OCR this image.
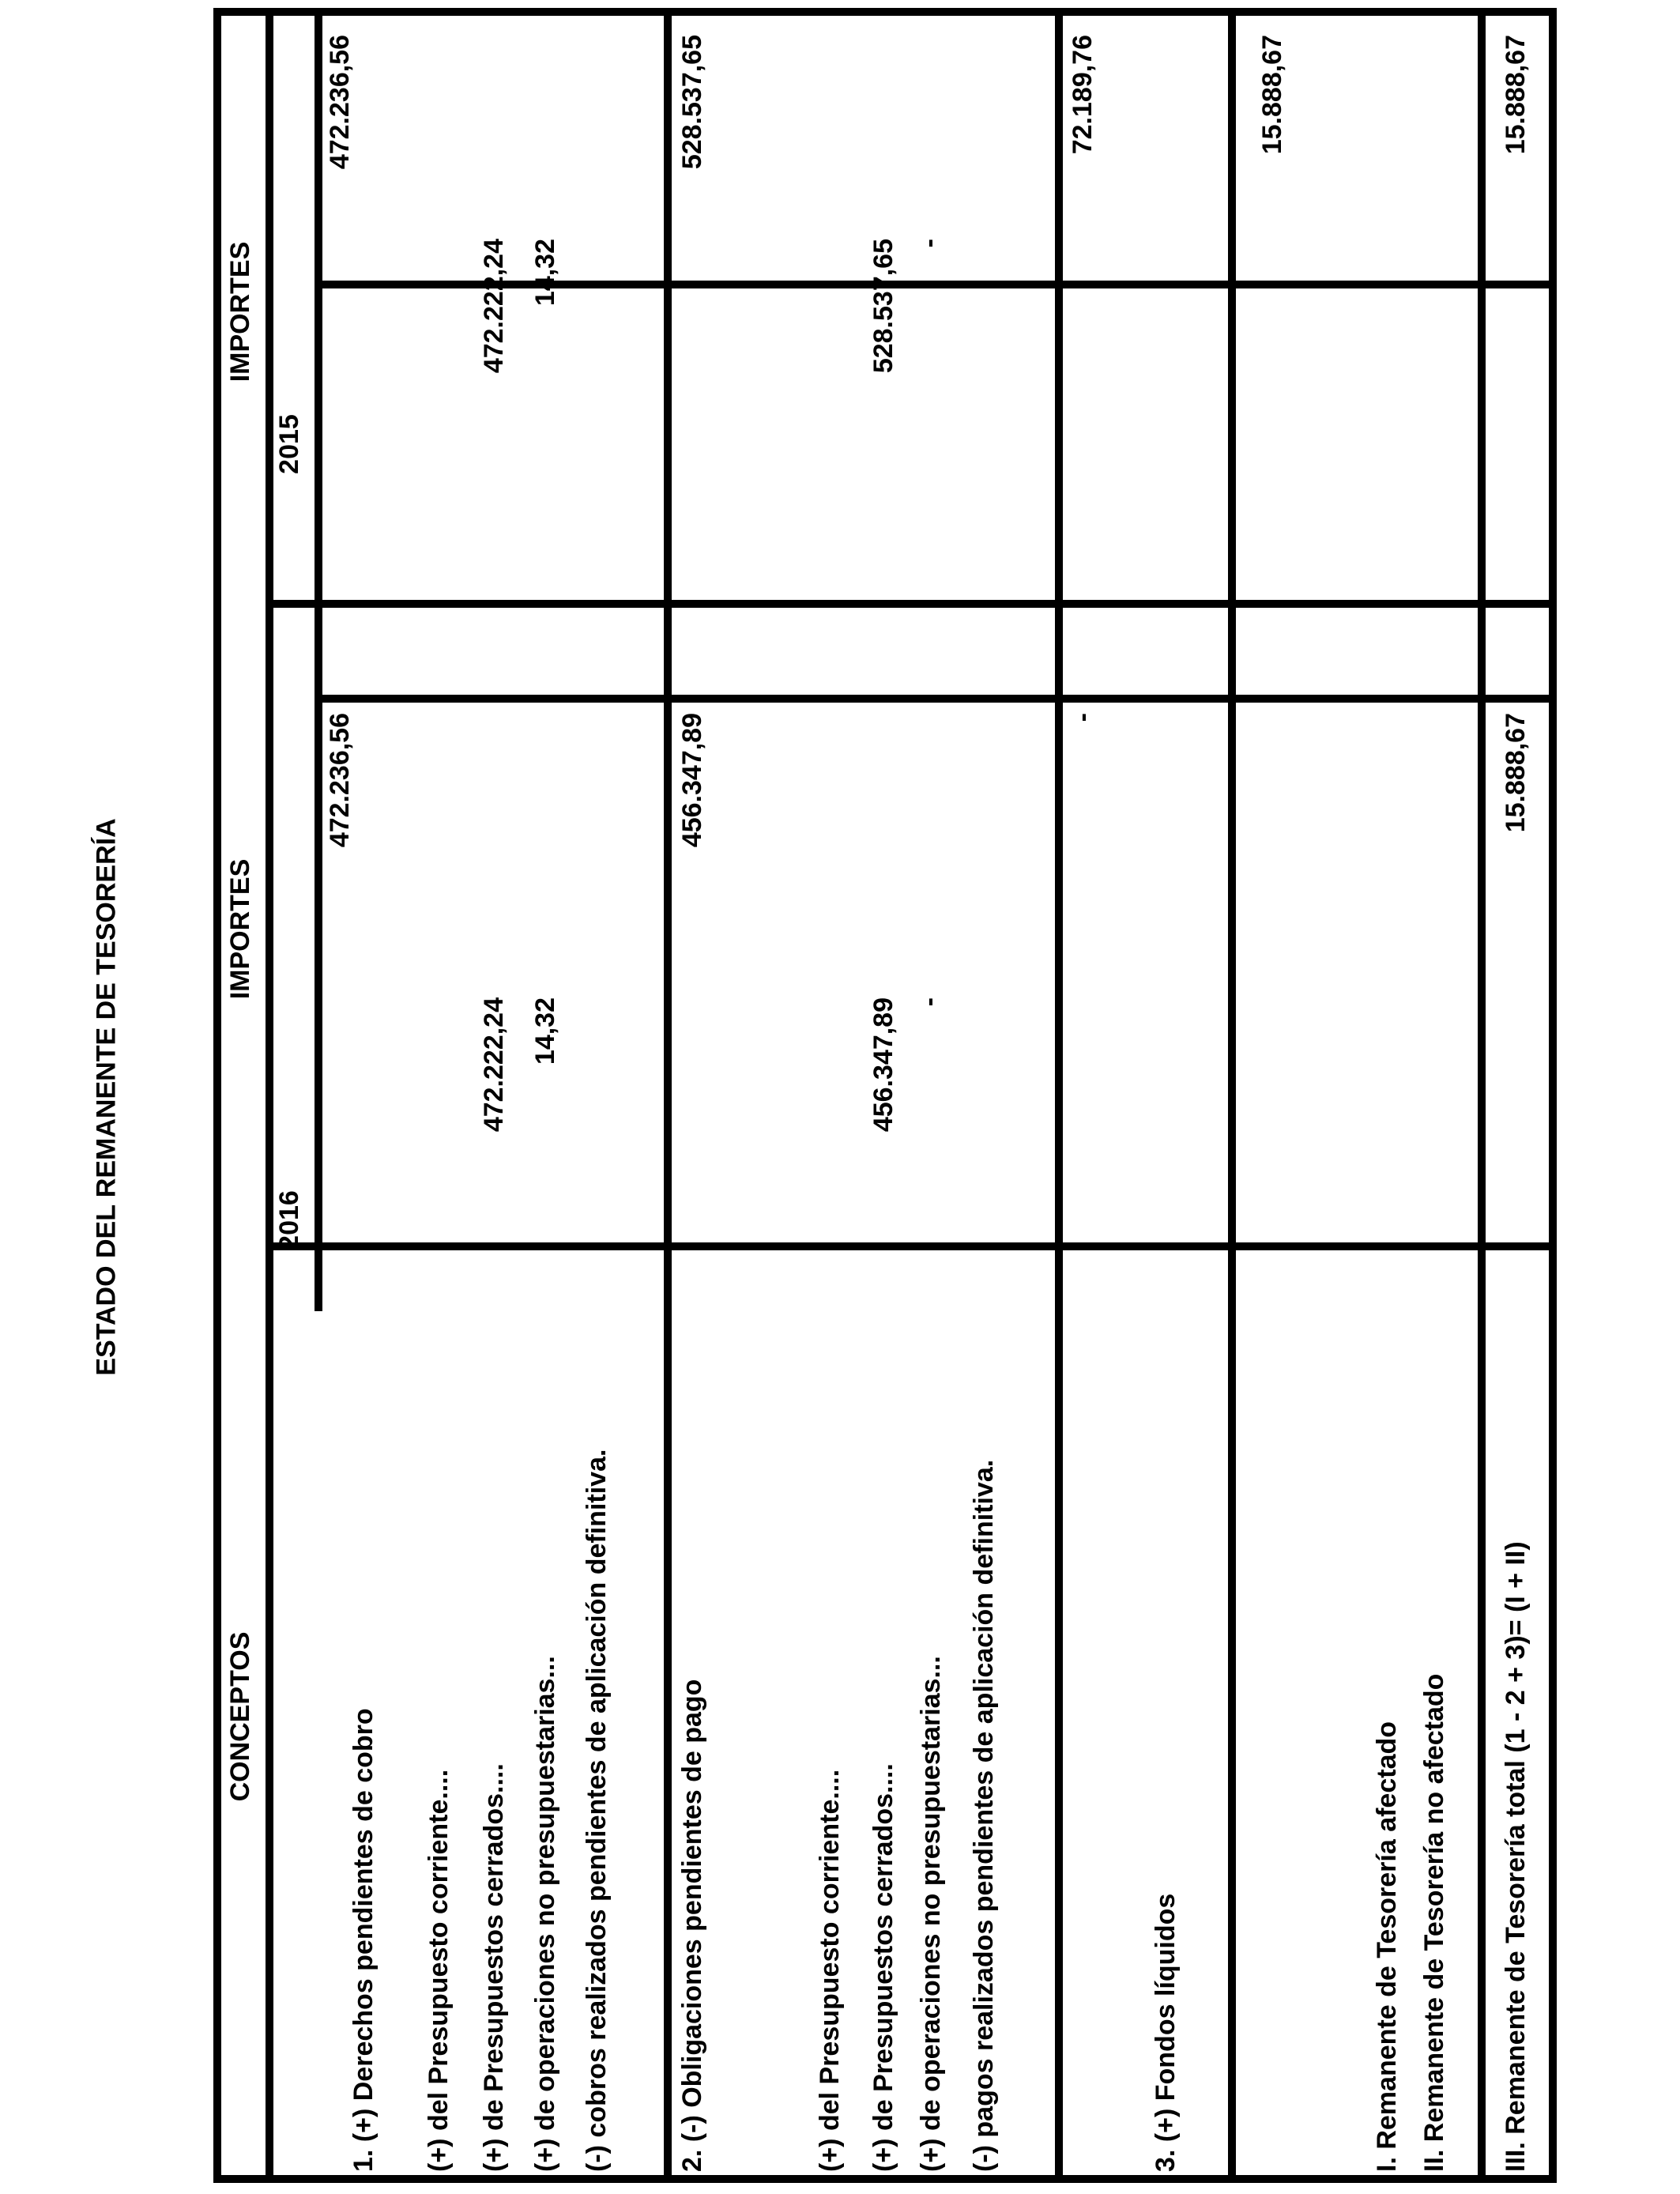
ESTADO DEL REMANENTE DE TESORERÍA
CONCEPTOS
IMPORTES
IMPORTES
2016
2015
1. (+) Derechos pendientes de cobro
472.236,56
472.236,56
(+) del Presupuesto corriente.... (+) de Presupuestos cerrados....
472.222,24
472.222,24
(+) de operaciones no presupuestarias...
14,32
14,32
(-) cobros realizados pendientes de aplicación definitiva. 2. (-) Obligaciones pendientes de pago
456.347,89
528.537,65
(+) del Presupuesto corriente.... (+) de Presupuestos cerrados....
456.347,89
528.537,65
(+) de operaciones no presupuestarias...
-
-
(-) pagos realizados pendientes de aplicación definitiva.	3. (+) Fondos líquidos
-
72.189,76
I. Remanente de Tesorería afectado II. Remanente de Tesorería no afectado
15.888,67
III. Remanente de Tesorería total (1 - 2 + 3)= (I + II)
15.888,67
15.888,67
